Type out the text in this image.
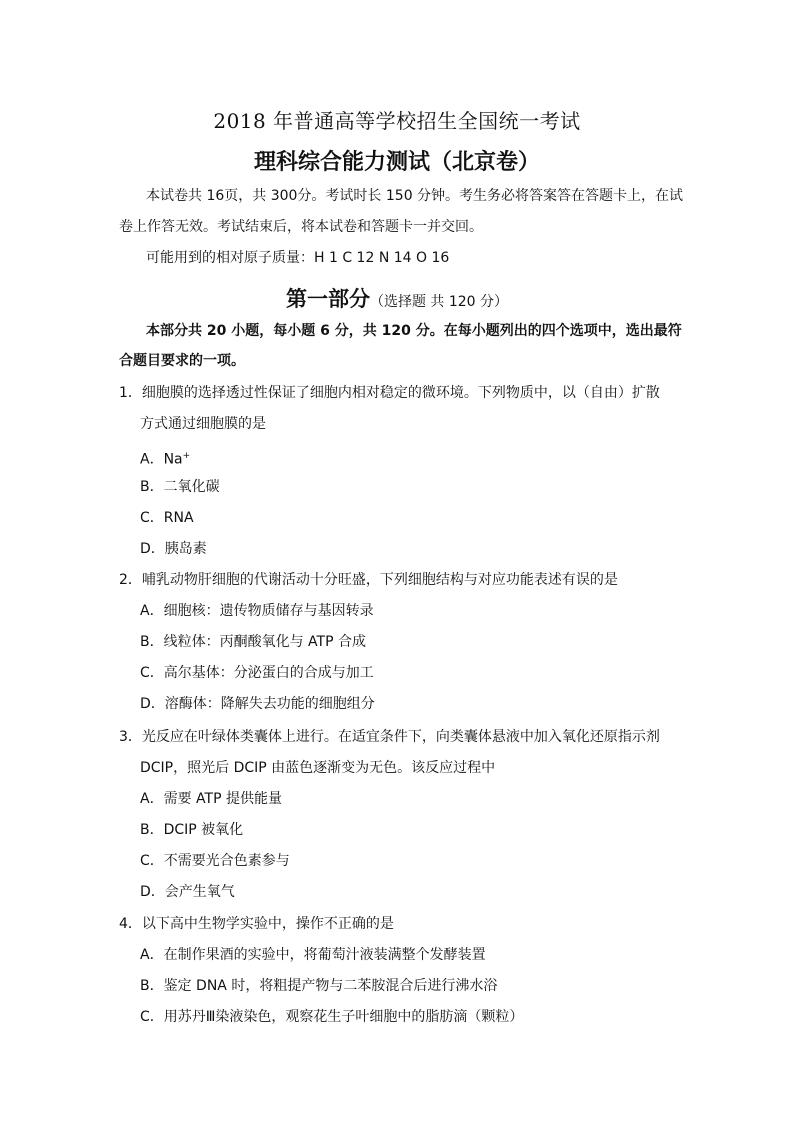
2018 年普通高等学校招生全国统一考试
理科综合能力测试（北京卷）
本试卷共 16页，共 300分。考试时长 150 分钟。考生务必将答案答在答题卡上，在试
卷上作答无效。考试结束后，将本试卷和答题卡一并交回。
可能用到的相对原子质量：H 1 C 12 N 14 O 16
第一部分（选择题 共 120 分）
本部分共 20 小题，每小题 6 分，共 120 分。在每小题列出的四个选项中，选出最符
合题目要求的一项。
1．细胞膜的选择透过性保证了细胞内相对稳定的微环境。下列物质中，以（自由）扩散
方式通过细胞膜的是
A．Na+
B．二氧化碳
C．RNA
D．胰岛素
2．哺乳动物肝细胞的代谢活动十分旺盛，下列细胞结构与对应功能表述有误的是
A．细胞核：遗传物质储存与基因转录
B．线粒体：丙酮酸氧化与 ATP 合成
C．高尔基体：分泌蛋白的合成与加工
D．溶酶体：降解失去功能的细胞组分
3．光反应在叶绿体类囊体上进行。在适宜条件下，向类囊体悬液中加入氧化还原指示剂
DCIP，照光后 DCIP 由蓝色逐渐变为无色。该反应过程中
A．需要 ATP 提供能量
B．DCIP 被氧化
C．不需要光合色素参与
D．会产生氧气
4．以下高中生物学实验中，操作不正确的是
A．在制作果酒的实验中，将葡萄汁液装满整个发酵装置
B．鉴定 DNA 时，将粗提产物与二苯胺混合后进行沸水浴
C．用苏丹Ⅲ染液染色，观察花生子叶细胞中的脂肪滴（颗粒）
